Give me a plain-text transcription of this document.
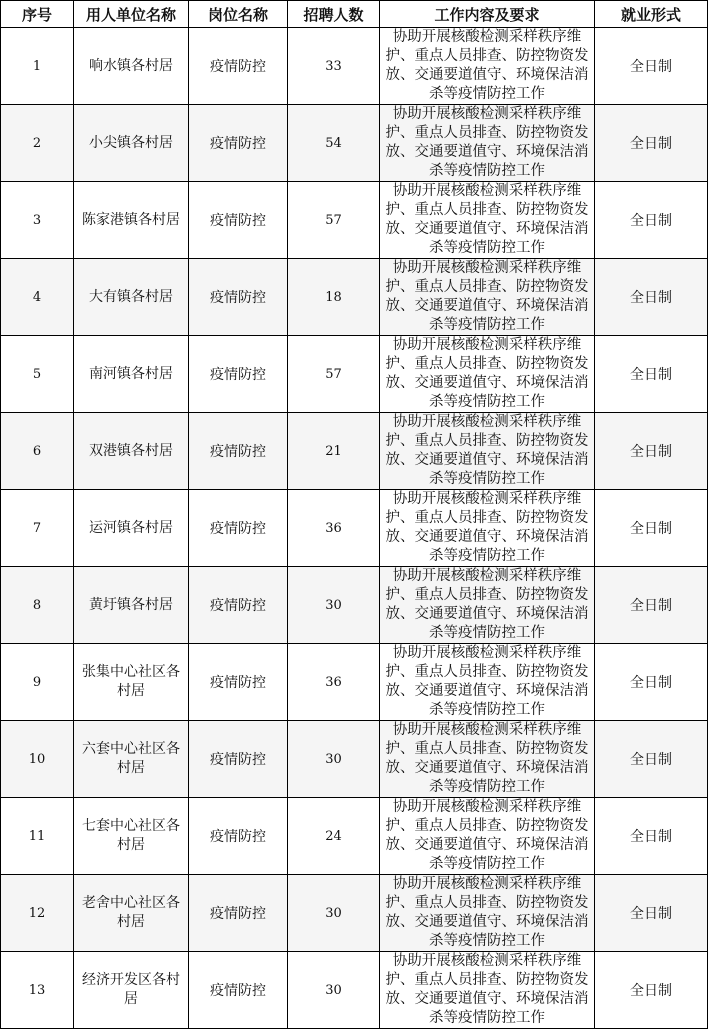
序号	用人单位名称	岗位名称	招聘人数	工作内容及要求	就业形式
1	响水镇各村居	疫情防控	33	协助开展核酸检测采样秩序维护、重点人员排查、防控物资发放、交通要道值守、环境保洁消杀等疫情防控工作	全日制
2	小尖镇各村居	疫情防控	54	协助开展核酸检测采样秩序维护、重点人员排查、防控物资发放、交通要道值守、环境保洁消杀等疫情防控工作	全日制
3	陈家港镇各村居	疫情防控	57	协助开展核酸检测采样秩序维护、重点人员排查、防控物资发放、交通要道值守、环境保洁消杀等疫情防控工作	全日制
4	大有镇各村居	疫情防控	18	协助开展核酸检测采样秩序维护、重点人员排查、防控物资发放、交通要道值守、环境保洁消杀等疫情防控工作	全日制
5	南河镇各村居	疫情防控	57	协助开展核酸检测采样秩序维护、重点人员排查、防控物资发放、交通要道值守、环境保洁消杀等疫情防控工作	全日制
6	双港镇各村居	疫情防控	21	协助开展核酸检测采样秩序维护、重点人员排查、防控物资发放、交通要道值守、环境保洁消杀等疫情防控工作	全日制
7	运河镇各村居	疫情防控	36	协助开展核酸检测采样秩序维护、重点人员排查、防控物资发放、交通要道值守、环境保洁消杀等疫情防控工作	全日制
8	黄圩镇各村居	疫情防控	30	协助开展核酸检测采样秩序维护、重点人员排查、防控物资发放、交通要道值守、环境保洁消杀等疫情防控工作	全日制
9	张集中心社区各村居	疫情防控	36	协助开展核酸检测采样秩序维护、重点人员排查、防控物资发放、交通要道值守、环境保洁消杀等疫情防控工作	全日制
10	六套中心社区各村居	疫情防控	30	协助开展核酸检测采样秩序维护、重点人员排查、防控物资发放、交通要道值守、环境保洁消杀等疫情防控工作	全日制
11	七套中心社区各村居	疫情防控	24	协助开展核酸检测采样秩序维护、重点人员排查、防控物资发放、交通要道值守、环境保洁消杀等疫情防控工作	全日制
12	老舍中心社区各村居	疫情防控	30	协助开展核酸检测采样秩序维护、重点人员排查、防控物资发放、交通要道值守、环境保洁消杀等疫情防控工作	全日制
13	经济开发区各村居	疫情防控	30	协助开展核酸检测采样秩序维护、重点人员排查、防控物资发放、交通要道值守、环境保洁消杀等疫情防控工作	全日制
